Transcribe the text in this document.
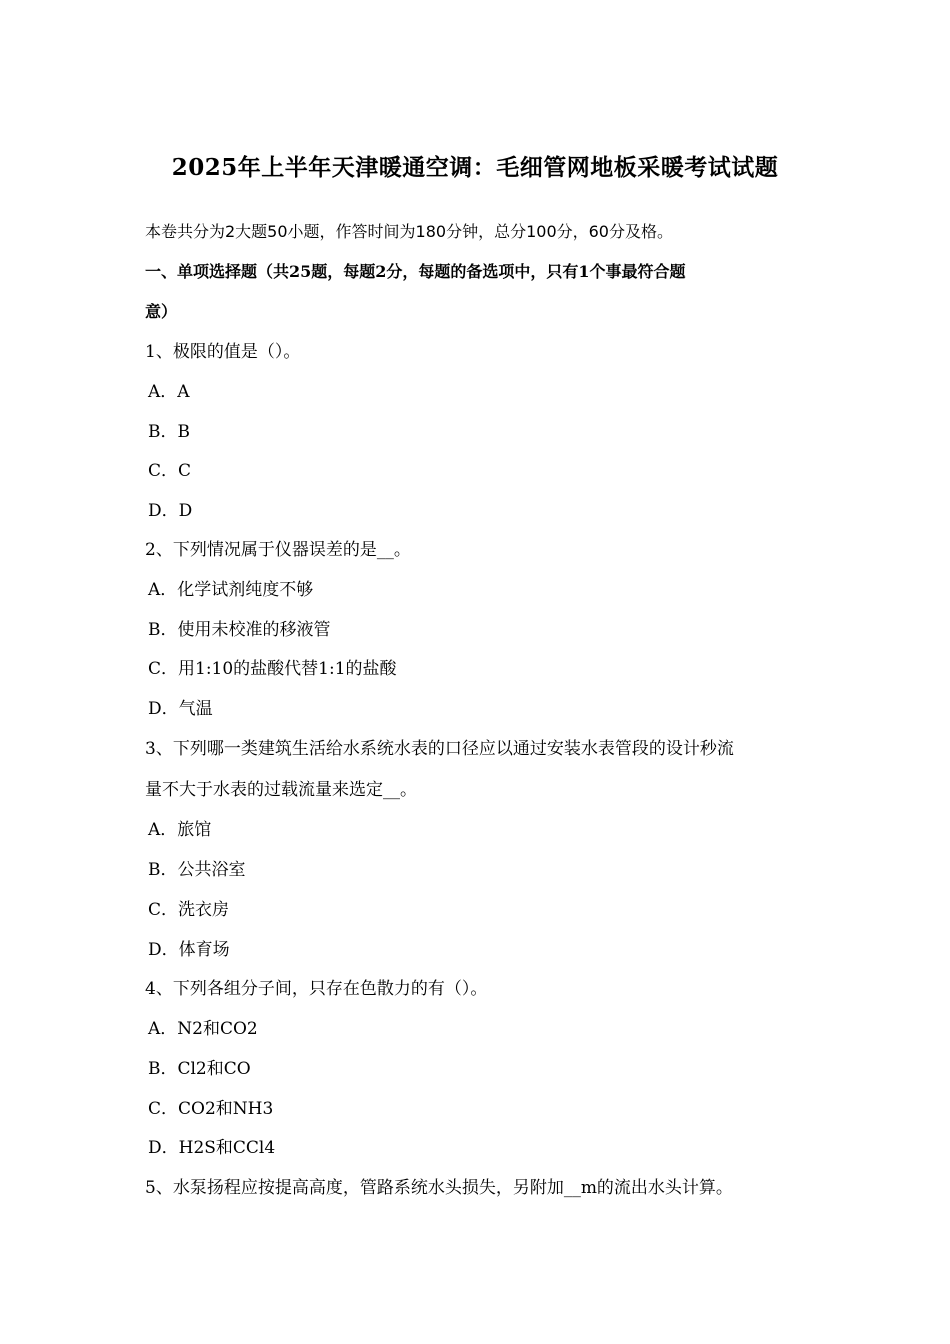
2025年上半年天津暖通空调：毛细管网地板采暖考试试题
本卷共分为2大题50小题，作答时间为180分钟，总分100分，60分及格。
一、单项选择题（共25题，每题2分，每题的备选项中，只有1个事最符合题
意）
1、极限的值是（）。
A．A
B．B
C．C
D．D
2、下列情况属于仪器误差的是__。
A．化学试剂纯度不够
B．使用未校准的移液管
C．用1:10的盐酸代替1:1的盐酸
D．气温
3、下列哪一类建筑生活给水系统水表的口径应以通过安装水表管段的设计秒流
量不大于水表的过载流量来选定__。
A．旅馆
B．公共浴室
C．洗衣房
D．体育场
4、下列各组分子间，只存在色散力的有（）。
A．N2和CO2
B．Cl2和CO
C．CO2和NH3
D．H2S和CCl4
5、水泵扬程应按提高高度，管路系统水头损失，另附加__m的流出水头计算。
